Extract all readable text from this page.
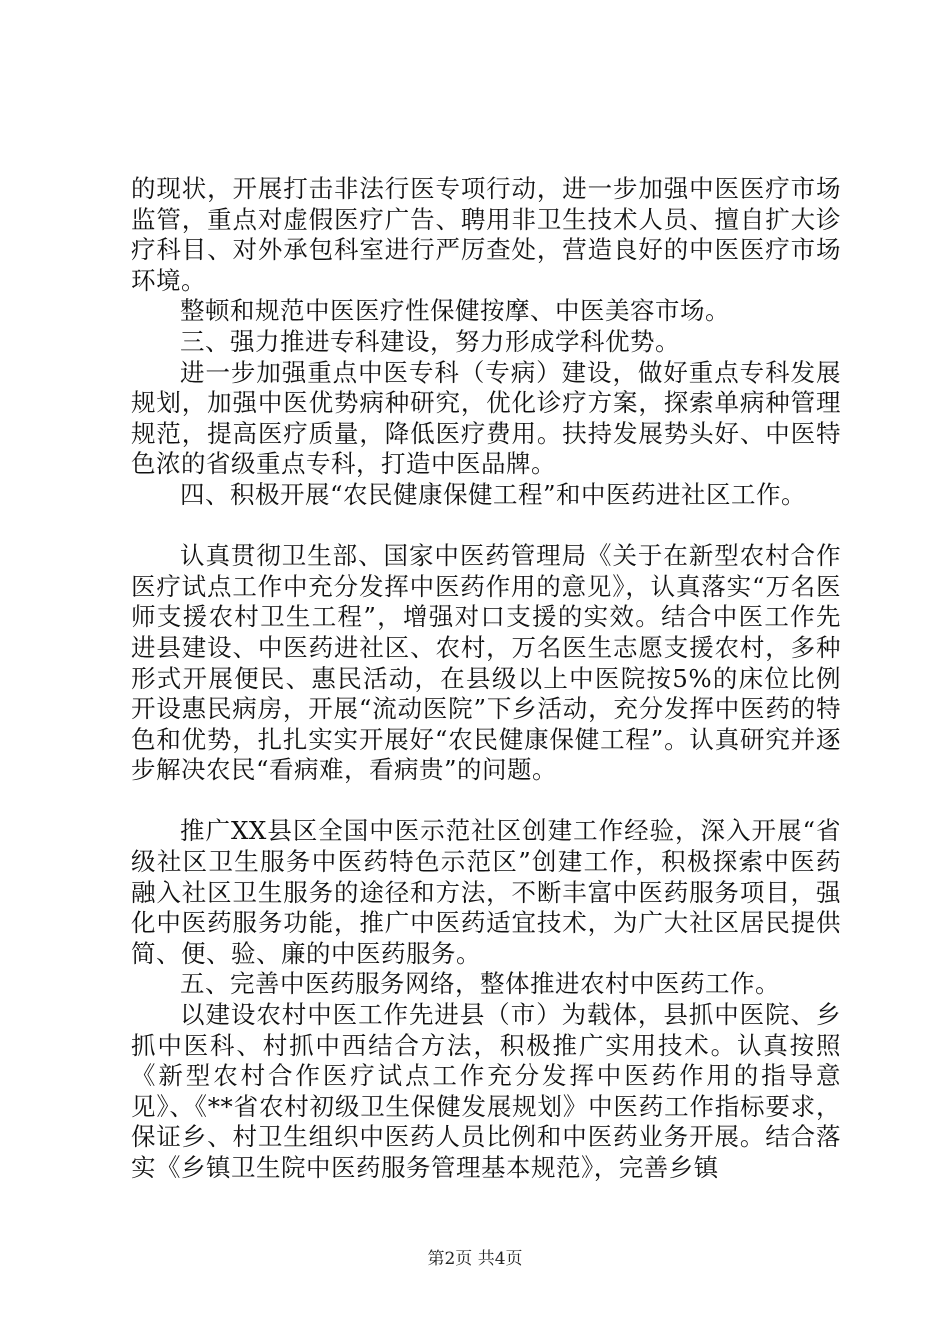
的现状，开展打击非法行医专项行动，进一步加强中医医疗市场监管，重点对虚假医疗广告、聘用非卫生技术人员、擅自扩大诊疗科目、对外承包科室进行严厉查处，营造良好的中医医疗市场环境。

整顿和规范中医医疗性保健按摩、中医美容市场。

三、强力推进专科建设，努力形成学科优势。

进一步加强重点中医专科（专病）建设，做好重点专科发展规划，加强中医优势病种研究，优化诊疗方案，探索单病种管理规范，提高医疗质量，降低医疗费用。扶持发展势头好、中医特色浓的省级重点专科，打造中医品牌。

四、积极开展“农民健康保健工程”和中医药进社区工作。

认真贯彻卫生部、国家中医药管理局《关于在新型农村合作医疗试点工作中充分发挥中医药作用的意见》，认真落实“万名医师支援农村卫生工程”，增强对口支援的实效。结合中医工作先进县建设、中医药进社区、农村，万名医生志愿支援农村，多种形式开展便民、惠民活动，在县级以上中医院按5%的床位比例开设惠民病房，开展“流动医院”下乡活动，充分发挥中医药的特色和优势，扎扎实实开展好“农民健康保健工程”。认真研究并逐步解决农民“看病难，看病贵”的问题。

推广XX县区全国中医示范社区创建工作经验，深入开展“省级社区卫生服务中医药特色示范区”创建工作，积极探索中医药融入社区卫生服务的途径和方法，不断丰富中医药服务项目，强化中医药服务功能，推广中医药适宜技术，为广大社区居民提供简、便、验、廉的中医药服务。

五、完善中医药服务网络，整体推进农村中医药工作。

以建设农村中医工作先进县（市）为载体，县抓中医院、乡抓中医科、村抓中西结合方法，积极推广实用技术。认真按照《新型农村合作医疗试点工作充分发挥中医药作用的指导意见》、《**省农村初级卫生保健发展规划》中医药工作指标要求，保证乡、村卫生组织中医药人员比例和中医药业务开展。结合落实《乡镇卫生院中医药服务管理基本规范》，完善乡镇

第2页 共4页
